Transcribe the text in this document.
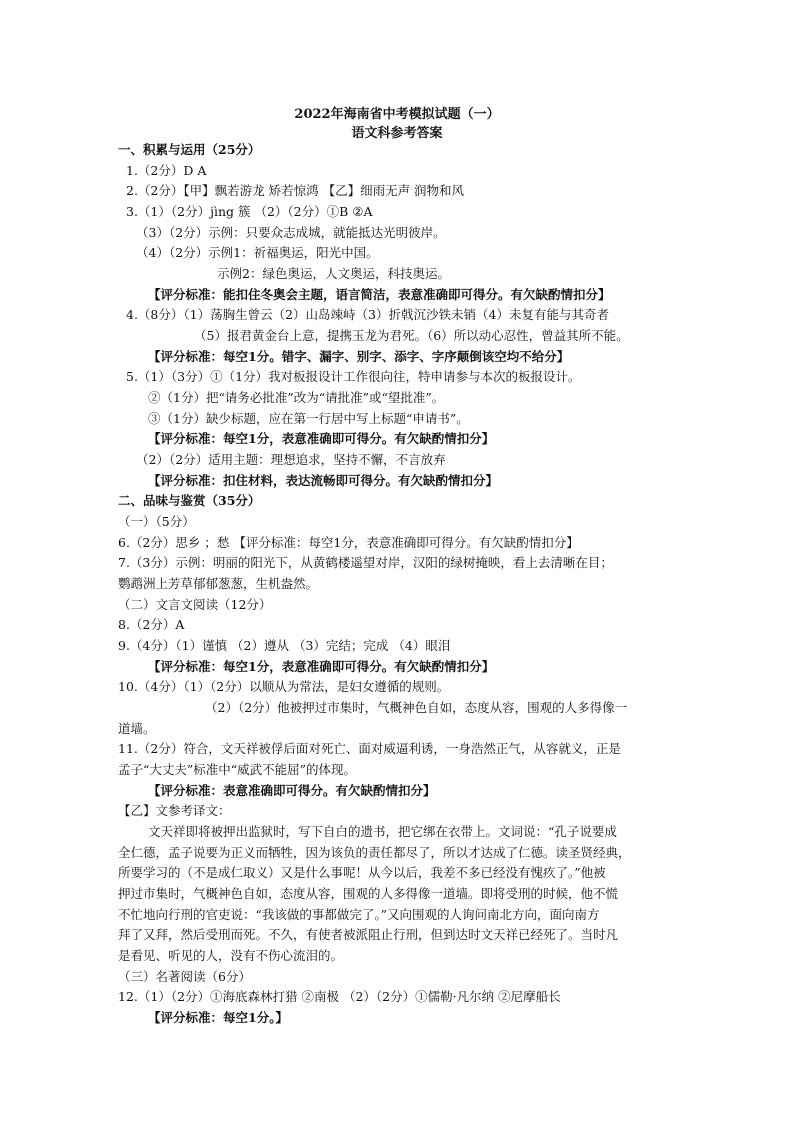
2022年海南省中考模拟试题（一）
语文科参考答案
一、积累与运用（25分）
1.（2分）D A
2.（2分）【甲】飘若游龙 矫若惊鸿 【乙】细雨无声 润物和风
3.（1）（2分）jìng 簇 （2）（2分）①B ②A
（3）（2分）示例：只要众志成城，就能抵达光明彼岸。
（4）（2分）示例1：祈福奥运，阳光中国。
示例2：绿色奥运，人文奥运，科技奥运。
【评分标准：能扣住冬奥会主题，语言简洁，表意准确即可得分。有欠缺酌情扣分】
4.（8分）（1）荡胸生曾云（2）山岛竦峙（3）折戟沉沙铁未销（4）未复有能与其奇者
（5）报君黄金台上意，提携玉龙为君死。（6）所以动心忍性，曾益其所不能。
【评分标准：每空1分。错字、漏字、别字、添字、字序颠倒该空均不给分】
5.（1）（3分）①（1分）我对板报设计工作很向往，特申请参与本次的板报设计。
②（1分）把“请务必批准”改为“请批准”或“望批准”。
③（1分）缺少标题，应在第一行居中写上标题“申请书”。
【评分标准：每空1分，表意准确即可得分。有欠缺酌情扣分】
（2）（2分）适用主题：理想追求，坚持不懈，不言放弃
【评分标准：扣住材料，表达流畅即可得分。有欠缺酌情扣分】
二、品味与鉴赏（35分）
（一）（5分）
6.（2分）思乡 ；愁 【评分标准：每空1分，表意准确即可得分。有欠缺酌情扣分】
7.（3分）示例：明丽的阳光下，从黄鹤楼遥望对岸，汉阳的绿树掩映，看上去清晰在目；
鹦鹉洲上芳草郁郁葱葱，生机盎然。
（二）文言文阅读（12分）
8.（2分）A
9.（4分）（1）谨慎 （2）遵从 （3）完结；完成 （4）眼泪
【评分标准：每空1分，表意准确即可得分。有欠缺酌情扣分】
10.（4分）（1）（2分）以顺从为常法，是妇女遵循的规则。
（2）（2分）他被押过市集时，气概神色自如，态度从容，围观的人多得像一
道墙。
11.（2分）符合，文天祥被俘后面对死亡、面对威逼利诱，一身浩然正气，从容就义，正是
孟子“大丈夫”标准中“威武不能屈”的体现。
【评分标准：表意准确即可得分。有欠缺酌情扣分】
【乙】文参考译文：
文天祥即将被押出监狱时，写下自白的遗书，把它绑在衣带上。文词说：“孔子说要成
全仁德，孟子说要为正义而牺牲，因为该负的责任都尽了，所以才达成了仁德。读圣贤经典，
所要学习的（不是成仁取义）又是什么事呢！从今以后，我差不多已经没有愧疚了。”他被
押过市集时，气概神色自如，态度从容，围观的人多得像一道墙。即将受刑的时候，他不慌
不忙地向行刑的官吏说：“我该做的事都做完了。”又向围观的人询问南北方向，面向南方
拜了又拜，然后受刑而死。不久，有使者被派阻止行刑，但到达时文天祥已经死了。当时凡
是看见、听见的人，没有不伤心流泪的。
（三）名著阅读（6分）
12.（1）（2分）①海底森林打猎 ②南极 （2）（2分）①儒勒·凡尔纳 ②尼摩船长
【评分标准：每空1分。】
